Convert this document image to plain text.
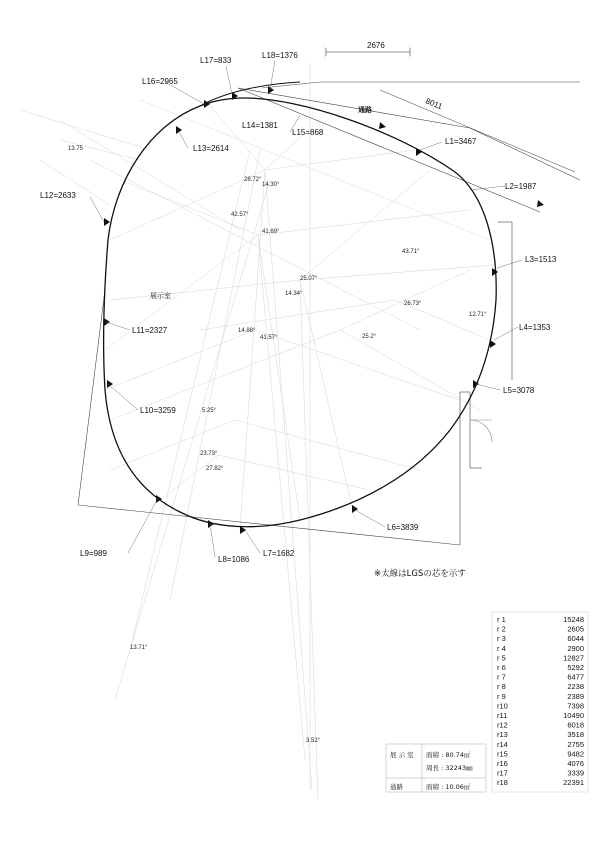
2676
8011
L1=3467
L2=1987
L3=1513
L4=1353
L5=3078
L6=3839
L7=1682
L8=1086
L9=989
L10=3259
L11=2327
L12=2633
L13=2614
L14=1381
L15=868
L16=2965
L17=833
L18=1376
28.72°
14.30°
42.57°
41.69°
43.71°
25.07°
14.34°
26.73°
12.71°
14.88°
41.57°	25.2°
5.25°
23.73°
27.82°
13.71°
3.52°
13.75
展示室
通路
※太線はLGSの芯を示す
r 1	15248
r 2	2605
r 3	6044
r 4	2900
r 5	12827
r 6	5292
r 7	6477
r 8	2238
r 9	2389
r10	7398
r11	10490
r12	6018
r13	3518
r14	2755
r15	9482
r16	4076
r17	3339
r18	22391
展 示 室 面積 : 80.74㎡
周長 : 32243㎜
通路	面積 : 10.06㎡
